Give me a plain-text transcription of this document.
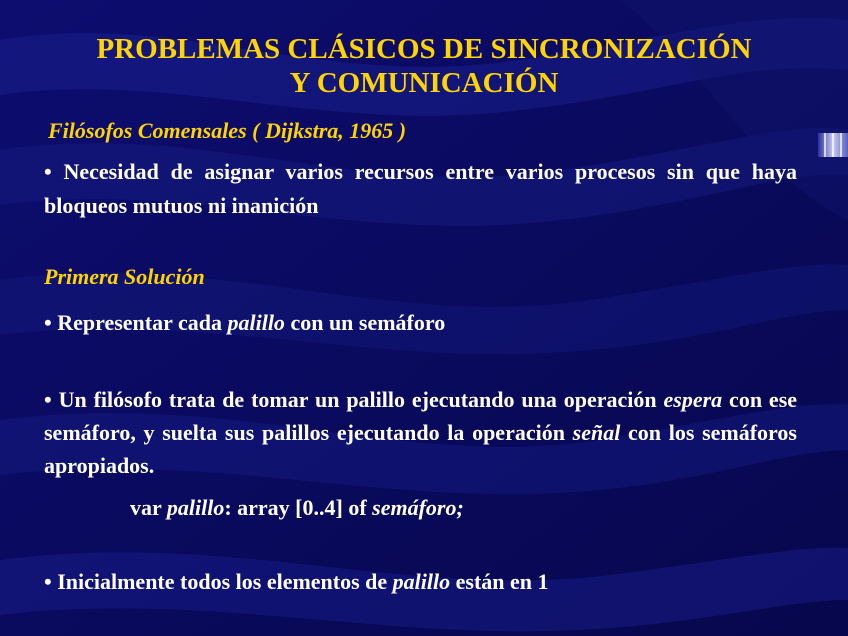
PROBLEMAS CLÁSICOS DE SINCRONIZACIÓN
Y COMUNICACIÓN
Filósofos Comensales ( Dijkstra, 1965 )
• Necesidad de asignar varios recursos entre varios procesos sin que haya bloqueos mutuos ni inanición
Primera Solución
• Representar cada palillo con un semáforo
• Un filósofo trata de tomar un palillo ejecutando una operación espera con ese semáforo, y suelta sus palillos ejecutando la operación señal con los semáforos apropiados.
var palillo: array [0..4] of semáforo;
• Inicialmente todos los elementos de palillo están en 1
